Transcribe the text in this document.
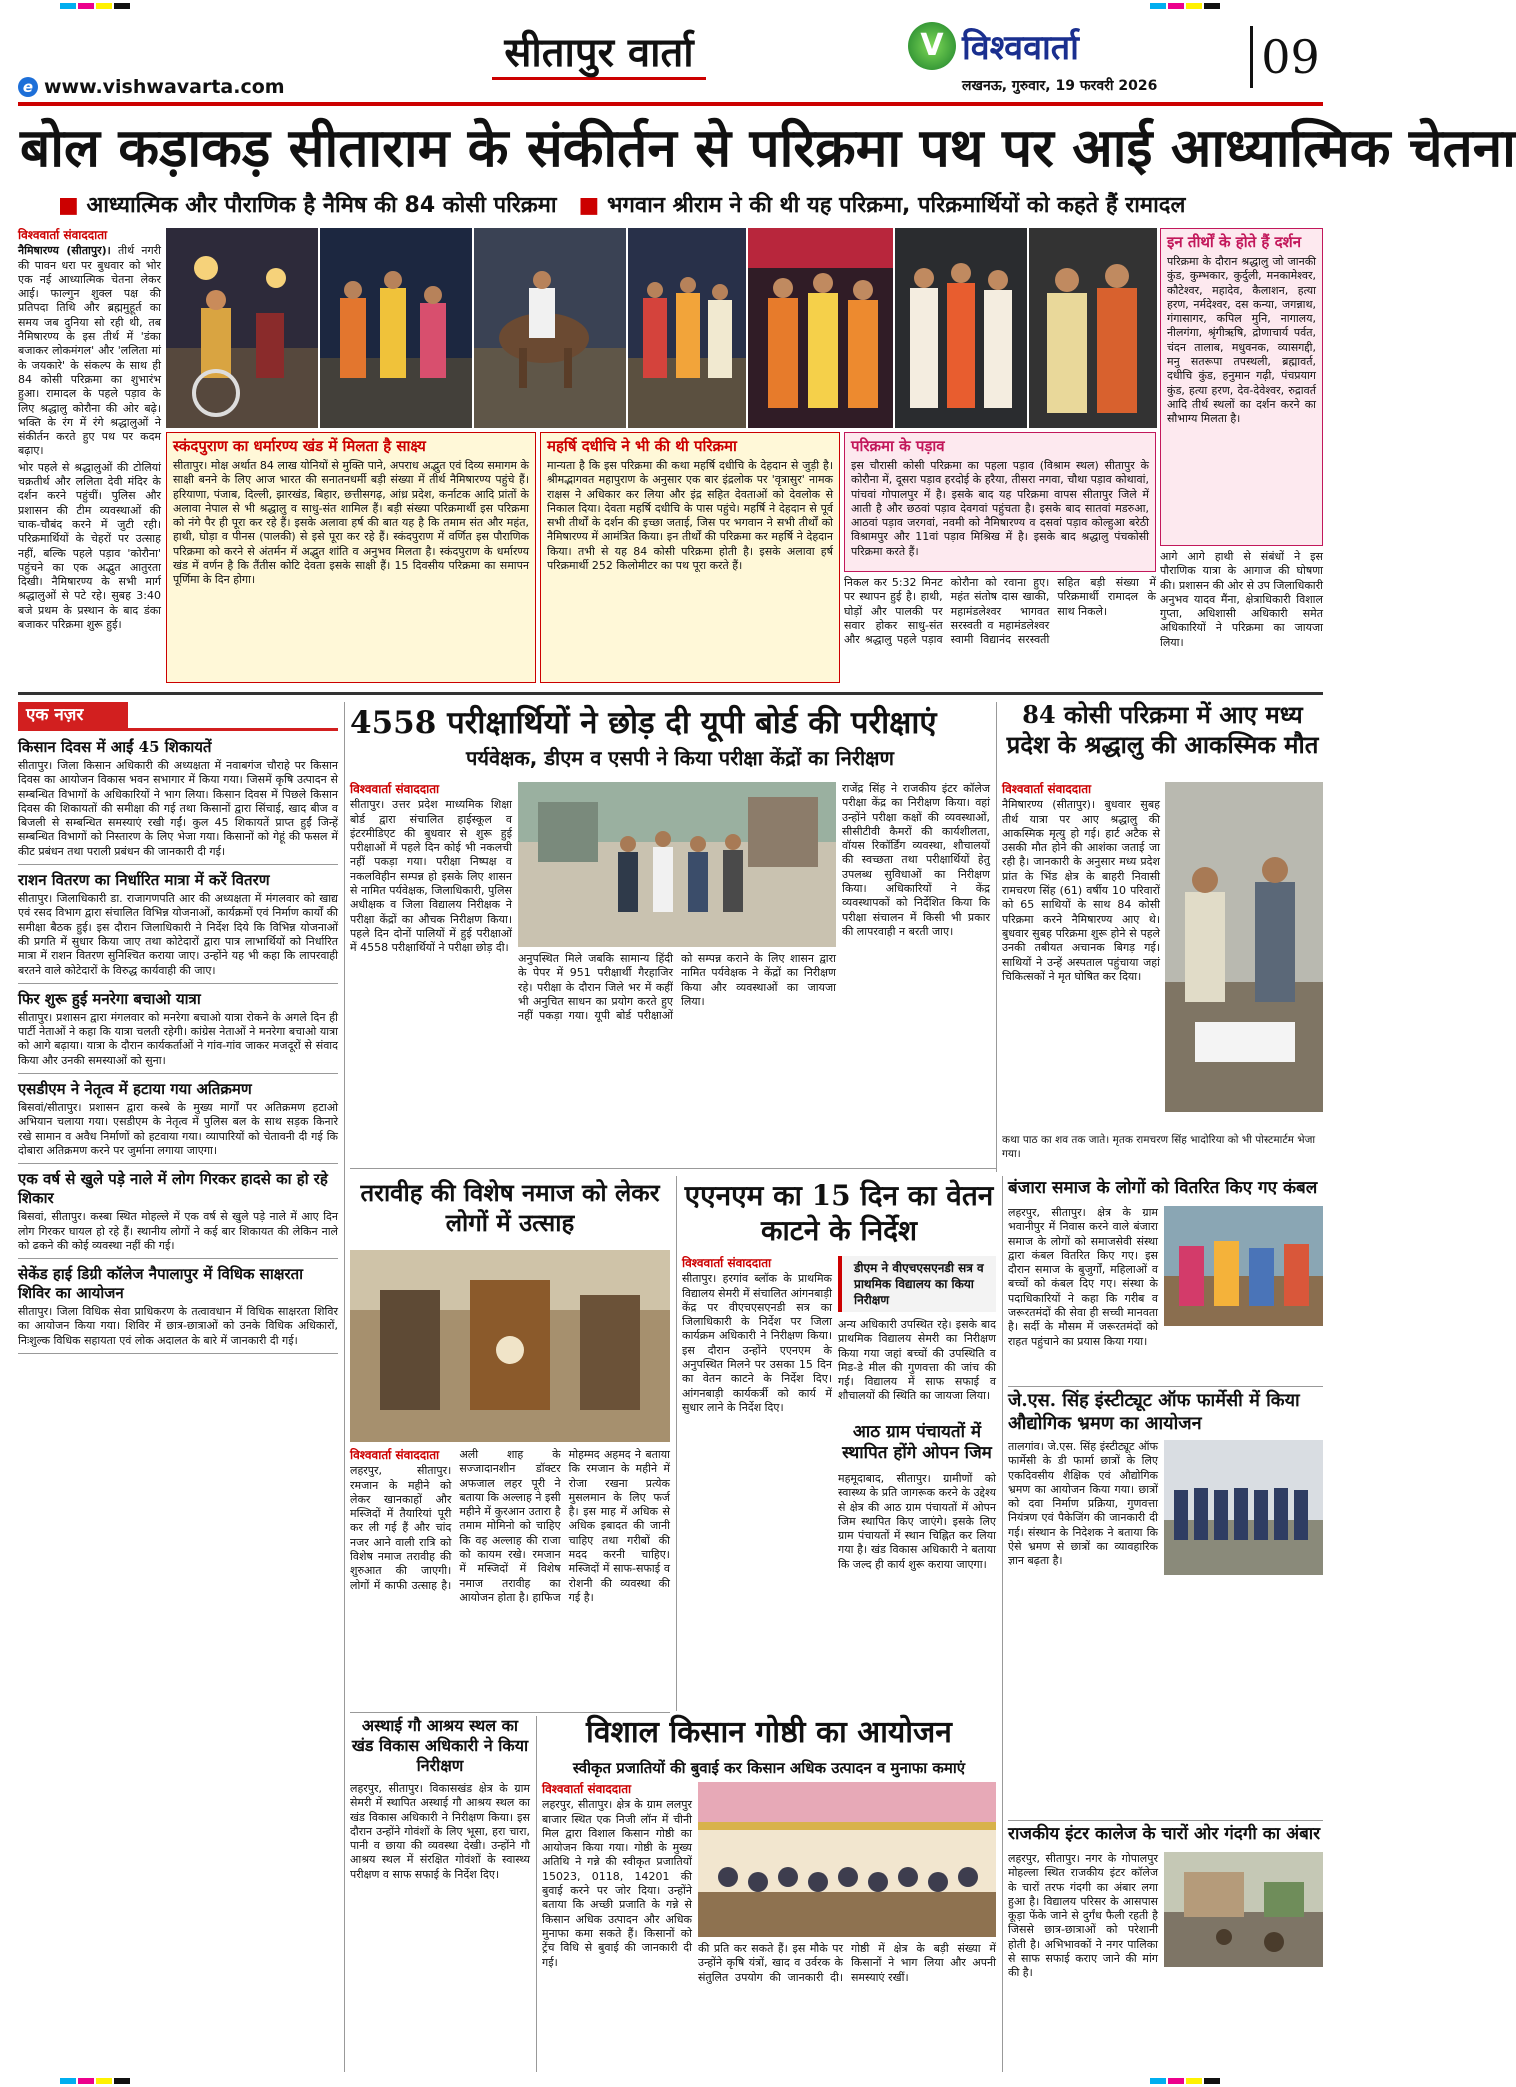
सीतापुर वार्ता
e www.vishwavarta.com
V विश्ववार्ता
लखनऊ, गुरुवार, 19 फरवरी 2026
09
बोल कड़ाकड़ सीताराम के संकीर्तन से परिक्रमा पथ पर आई आध्यात्मिक चेतना
■ आध्यात्मिक और पौराणिक है नैमिष की 84 कोसी परिक्रमा	■ भगवान श्रीराम ने की थी यह परिक्रमा, परिक्रमार्थियों को कहते हैं रामादल
विश्ववार्ता संवाददाता

नैमिषारण्य (सीतापुर)। तीर्थ नगरी की पावन धरा पर बुधवार को भोर एक नई आध्यात्मिक चेतना लेकर आई। फाल्गुन शुक्ल पक्ष की प्रतिपदा तिथि और ब्रह्ममुहूर्त का समय जब दुनिया सो रही थी, तब नैमिषारण्य के इस तीर्थ में 'डंका बजाकर लोकमंगल' और 'ललिता मां के जयकारे' के संकल्प के साथ ही 84 कोसी परिक्रमा का शुभारंभ हुआ। रामादल के पहले पड़ाव के लिए श्रद्धालु कोरौना की ओर बढ़े। भक्ति के रंग में रंगे श्रद्धालुओं ने संकीर्तन करते हुए पथ पर कदम बढ़ाए।

भोर पहले से श्रद्धालुओं की टोलियां चक्रतीर्थ और ललिता देवी मंदिर के दर्शन करने पहुंचीं। पुलिस और प्रशासन की टीम व्यवस्थाओं की चाक-चौबंद करने में जुटी रही। परिक्रमार्थियों के चेहरों पर उत्साह नहीं, बल्कि पहले पड़ाव 'कोरौना' पहुंचने का एक अद्भुत आतुरता दिखी। नैमिषारण्य के सभी मार्ग श्रद्धालुओं से पटे रहे। सुबह 3:40 बजे प्रथम के प्रस्थान के बाद डंका बजाकर परिक्रमा शुरू हुई।

इन तीर्थों के होते हैं दर्शन
परिक्रमा के दौरान श्रद्धालु जो जानकी कुंड, कुम्भकार, कुर्दुली, मनकामेश्वर, कौटेश्वर, महादेव, कैलाशन, हत्या हरण, नर्मदेश्वर, दस कन्या, जगन्नाथ, गंगासागर, कपिल मुनि, नागालय, नीलगंगा, श्रृंगीऋषि, द्रोणाचार्य पर्वत, चंदन तालाब, मधुवनक, व्यासगद्दी, मनु सतरूपा तपस्थली, ब्रह्मावर्त, दधीचि कुंड, हनुमान गढ़ी, पंचप्रयाग कुंड, हत्या हरण, देव-देवेश्वर, रुद्रावर्त आदि तीर्थ स्थलों का दर्शन करने का सौभाग्य मिलता है।
आगे आगे हाथी से संबंधों ने इस पौराणिक यात्रा के आगाज की घोषणा की। प्रशासन की ओर से उप जिलाधिकारी अनुभव यादव मैंना, क्षेत्राधिकारी विशाल गुप्ता, अधिशासी अधिकारी समेत अधिकारियों ने परिक्रमा का जायजा लिया।
स्कंदपुराण का धर्मारण्य खंड में मिलता है साक्ष्य
सीतापुर। मोक्ष अर्थात 84 लाख योनियों से मुक्ति पाने, अपराध अद्भुत एवं दिव्य समागम के साक्षी बनने के लिए आज भारत की सनातनधर्मी बड़ी संख्या में तीर्थ नैमिषारण्य पहुंचे हैं। हरियाणा, पंजाब, दिल्ली, झारखंड, बिहार, छत्तीसगढ़, आंध्र प्रदेश, कर्नाटक आदि प्रांतों के अलावा नेपाल से भी श्रद्धालु व साधु-संत शामिल हैं। बड़ी संख्या परिक्रमार्थी इस परिक्रमा को नंगे पैर ही पूरा कर रहे हैं। इसके अलावा हर्ष की बात यह है कि तमाम संत और महंत, हाथी, घोड़ा व पीनस (पालकी) से इसे पूरा कर रहे हैं। स्कंदपुराण में वर्णित इस पौराणिक परिक्रमा को करने से अंतर्मन में अद्भुत शांति व अनुभव मिलता है। स्कंदपुराण के धर्मारण्य खंड में वर्णन है कि तैंतीस कोटि देवता इसके साक्षी हैं। 15 दिवसीय परिक्रमा का समापन पूर्णिमा के दिन होगा।
महर्षि दधीचि ने भी की थी परिक्रमा
मान्यता है कि इस परिक्रमा की कथा महर्षि दधीचि के देहदान से जुड़ी है। श्रीमद्भागवत महापुराण के अनुसार एक बार इंद्रलोक पर 'वृत्रासुर' नामक राक्षस ने अधिकार कर लिया और इंद्र सहित देवताओं को देवलोक से निकाल दिया। देवता महर्षि दधीचि के पास पहुंचे। महर्षि ने देहदान से पूर्व सभी तीर्थों के दर्शन की इच्छा जताई, जिस पर भगवान ने सभी तीर्थों को नैमिषारण्य में आमंत्रित किया। इन तीर्थों की परिक्रमा कर महर्षि ने देहदान किया। तभी से यह 84 कोसी परिक्रमा होती है। इसके अलावा हर्ष परिक्रमार्थी 252 किलोमीटर का पथ पूरा करते हैं।
परिक्रमा के पड़ाव
इस चौरासी कोसी परिक्रमा का पहला पड़ाव (विश्राम स्थल) सीतापुर के कोरौना में, दूसरा पड़ाव हरदोई के हरैया, तीसरा नगवा, चौथा पड़ाव कोथावां, पांचवां गोपालपुर में है। इसके बाद यह परिक्रमा वापस सीतापुर जिले में आती है और छठवां पड़ाव देवगवां पहुंचता है। इसके बाद सातवां मडरुआ, आठवां पड़ाव जरगवां, नवमी को नैमिषारण्य व दसवां पड़ाव कोल्हुआ बरेठी विश्रामपुर और 11वां पड़ाव मिश्रिख में है। इसके बाद श्रद्धालु पंचकोसी परिक्रमा करते हैं।
निकल कर 5:32 मिनट पर स्थापन हुई है। हाथी, घोड़ों और पालकी पर सवार होकर साधु-संत और श्रद्धालु पहले पड़ाव कोरौना को रवाना हुए। महंत संतोष दास खाकी, महामंडलेश्वर भागवत सरस्वती व महामंडलेश्वर स्वामी विद्यानंद सरस्वती सहित बड़ी संख्या में परिक्रमार्थी रामादल के साथ निकले।
एक नज़र
किसान दिवस में आईं 45 शिकायतें
सीतापुर। जिला किसान अधिकारी की अध्यक्षता में नवाबगंज चौराहे पर किसान दिवस का आयोजन विकास भवन सभागार में किया गया। जिसमें कृषि उत्पादन से सम्बन्धित विभागों के अधिकारियों ने भाग लिया। किसान दिवस में पिछले किसान दिवस की शिकायतों की समीक्षा की गई तथा किसानों द्वारा सिंचाई, खाद बीज व बिजली से सम्बन्धित समस्याएं रखी गईं। कुल 45 शिकायतें प्राप्त हुईं जिन्हें सम्बन्धित विभागों को निस्तारण के लिए भेजा गया। किसानों को गेहूं की फसल में कीट प्रबंधन तथा पराली प्रबंधन की जानकारी दी गई।
राशन वितरण का निर्धारित मात्रा में करें वितरण
सीतापुर। जिलाधिकारी डा. राजागणपति आर की अध्यक्षता में मंगलवार को खाद्य एवं रसद विभाग द्वारा संचालित विभिन्न योजनाओं, कार्यक्रमों एवं निर्माण कार्यों की समीक्षा बैठक हुई। इस दौरान जिलाधिकारी ने निर्देश दिये कि विभिन्न योजनाओं की प्रगति में सुधार किया जाए तथा कोटेदारों द्वारा पात्र लाभार्थियों को निर्धारित मात्रा में राशन वितरण सुनिश्चित कराया जाए। उन्होंने यह भी कहा कि लापरवाही बरतने वाले कोटेदारों के विरुद्ध कार्यवाही की जाए।
फिर शुरू हुई मनरेगा बचाओ यात्रा
सीतापुर। प्रशासन द्वारा मंगलवार को मनरेगा बचाओ यात्रा रोकने के अगले दिन ही पार्टी नेताओं ने कहा कि यात्रा चलती रहेगी। कांग्रेस नेताओं ने मनरेगा बचाओ यात्रा को आगे बढ़ाया। यात्रा के दौरान कार्यकर्ताओं ने गांव-गांव जाकर मजदूरों से संवाद किया और उनकी समस्याओं को सुना।
एसडीएम ने नेतृत्व में हटाया गया अतिक्रमण
बिसवां/सीतापुर। प्रशासन द्वारा कस्बे के मुख्य मार्गों पर अतिक्रमण हटाओ अभियान चलाया गया। एसडीएम के नेतृत्व में पुलिस बल के साथ सड़क किनारे रखे सामान व अवैध निर्माणों को हटवाया गया। व्यापारियों को चेतावनी दी गई कि दोबारा अतिक्रमण करने पर जुर्माना लगाया जाएगा।
एक वर्ष से खुले पड़े नाले में लोग गिरकर हादसे का हो रहे शिकार
बिसवां, सीतापुर। कस्बा स्थित मोहल्ले में एक वर्ष से खुले पड़े नाले में आए दिन लोग गिरकर घायल हो रहे हैं। स्थानीय लोगों ने कई बार शिकायत की लेकिन नाले को ढकने की कोई व्यवस्था नहीं की गई।
सेकेंड हाई डिग्री कॉलेज नैपालापुर में विधिक साक्षरता शिविर का आयोजन
सीतापुर। जिला विधिक सेवा प्राधिकरण के तत्वावधान में विधिक साक्षरता शिविर का आयोजन किया गया। शिविर में छात्र-छात्राओं को उनके विधिक अधिकारों, निःशुल्क विधिक सहायता एवं लोक अदालत के बारे में जानकारी दी गई।
4558 परीक्षार्थियों ने छोड़ दी यूपी बोर्ड की परीक्षाएं
पर्यवेक्षक, डीएम व एसपी ने किया परीक्षा केंद्रों का निरीक्षण
विश्ववार्ता संवाददाता
सीतापुर। उत्तर प्रदेश माध्यमिक शिक्षा बोर्ड द्वारा संचालित हाईस्कूल व इंटरमीडिएट की बुधवार से शुरू हुई परीक्षाओं में पहले दिन कोई भी नकलची नहीं पकड़ा गया। परीक्षा निष्पक्ष व नकलविहीन सम्पन्न हो इसके लिए शासन से नामित पर्यवेक्षक, जिलाधिकारी, पुलिस अधीक्षक व जिला विद्यालय निरीक्षक ने परीक्षा केंद्रों का औचक निरीक्षण किया। पहले दिन दोनों पालियों में हुई परीक्षाओं में 4558 परीक्षार्थियों ने परीक्षा छोड़ दी।
अनुपस्थित मिले जबकि सामान्य हिंदी के पेपर में 951 परीक्षार्थी गैरहाजिर रहे। परीक्षा के दौरान जिले भर में कहीं भी अनुचित साधन का प्रयोग करते हुए नहीं पकड़ा गया। यूपी बोर्ड परीक्षाओं को सम्पन्न कराने के लिए शासन द्वारा नामित पर्यवेक्षक ने केंद्रों का निरीक्षण किया और व्यवस्थाओं का जायजा लिया।
राजेंद्र सिंह ने राजकीय इंटर कॉलेज परीक्षा केंद्र का निरीक्षण किया। वहां उन्होंने परीक्षा कक्षों की व्यवस्थाओं, सीसीटीवी कैमरों की कार्यशीलता, वॉयस रिकॉर्डिंग व्यवस्था, शौचालयों की स्वच्छता तथा परीक्षार्थियों हेतु उपलब्ध सुविधाओं का निरीक्षण किया। अधिकारियों ने केंद्र व्यवस्थापकों को निर्देशित किया कि परीक्षा संचालन में किसी भी प्रकार की लापरवाही न बरती जाए।
84 कोसी परिक्रमा में आए मध्य प्रदेश के श्रद्धालु की आकस्मिक मौत
विश्ववार्ता संवाददाता
नैमिषारण्य (सीतापुर)। बुधवार सुबह तीर्थ यात्रा पर आए श्रद्धालु की आकस्मिक मृत्यु हो गई। हार्ट अटैक से उसकी मौत होने की आशंका जताई जा रही है। जानकारी के अनुसार मध्य प्रदेश प्रांत के भिंड क्षेत्र के बाहरी निवासी रामचरण सिंह (61) वर्षीय 10 परिवारों को 65 साथियों के साथ 84 कोसी परिक्रमा करने नैमिषारण्य आए थे। बुधवार सुबह परिक्रमा शुरू होने से पहले उनकी तबीयत अचानक बिगड़ गई। साथियों ने उन्हें अस्पताल पहुंचाया जहां चिकित्सकों ने मृत घोषित कर दिया।
कथा पाठ का शव तक जाते। मृतक रामचरण सिंह भादोरिया को भी पोस्टमार्टम भेजा गया।
तरावीह की विशेष नमाज को लेकर लोगों में उत्साह
विश्ववार्ता संवाददाता
लहरपुर, सीतापुर। रमजान के महीने को लेकर खानकाहों और मस्जिदों में तैयारियां पूरी कर ली गई हैं और चांद नजर आने वाली रात्रि को विशेष नमाज तरावीह की शुरुआत की जाएगी। लोगों में काफी उत्साह है। अली शाह के सज्जादानशीन डॉक्टर अफजाल लहर पूरी ने बताया कि अल्लाह ने इसी महीने में कुरआन उतारा है तमाम मोमिनो को चाहिए कि वह अल्लाह की राजा को कायम रखे। रमजान में मस्जिदों में विशेष नमाज तरावीह का आयोजन होता है। हाफिज मोहम्मद अहमद ने बताया कि रमजान के महीने में रोजा रखना प्रत्येक मुसलमान के लिए फर्ज है। इस माह में अधिक से अधिक इबादत की जानी चाहिए तथा गरीबों की मदद करनी चाहिए। मस्जिदों में साफ-सफाई व रोशनी की व्यवस्था की गई है।
एएनएम का 15 दिन का वेतन काटने के निर्देश
विश्ववार्ता संवाददाता
सीतापुर। हरगांव ब्लॉक के प्राथमिक विद्यालय सेमरी में संचालित आंगनबाड़ी केंद्र पर वीएचएसएनडी सत्र का जिलाधिकारी के निर्देश पर जिला कार्यक्रम अधिकारी ने निरीक्षण किया। इस दौरान उन्होंने एएनएम के अनुपस्थित मिलने पर उसका 15 दिन का वेतन काटने के निर्देश दिए। आंगनबाड़ी कार्यकर्त्री को कार्य में सुधार लाने के निर्देश दिए।
डीएम ने वीएचएसएनडी सत्र व प्राथमिक विद्यालय का किया निरीक्षण
अन्य अधिकारी उपस्थित रहे। इसके बाद प्राथमिक विद्यालय सेमरी का निरीक्षण किया गया जहां बच्चों की उपस्थिति व मिड-डे मील की गुणवत्ता की जांच की गई। विद्यालय में साफ सफाई व शौचालयों की स्थिति का जायजा लिया।
आठ ग्राम पंचायतों में स्थापित होंगे ओपन जिम
महमूदाबाद, सीतापुर। ग्रामीणों को स्वास्थ्य के प्रति जागरूक करने के उद्देश्य से क्षेत्र की आठ ग्राम पंचायतों में ओपन जिम स्थापित किए जाएंगे। इसके लिए ग्राम पंचायतों में स्थान चिह्नित कर लिया गया है। खंड विकास अधिकारी ने बताया कि जल्द ही कार्य शुरू कराया जाएगा।
अस्थाई गौ आश्रय स्थल का खंड विकास अधिकारी ने किया निरीक्षण
लहरपुर, सीतापुर। विकासखंड क्षेत्र के ग्राम सेमरी में स्थापित अस्थाई गौ आश्रय स्थल का खंड विकास अधिकारी ने निरीक्षण किया। इस दौरान उन्होंने गोवंशों के लिए भूसा, हरा चारा, पानी व छाया की व्यवस्था देखी। उन्होंने गौ आश्रय स्थल में संरक्षित गोवंशों के स्वास्थ्य परीक्षण व साफ सफाई के निर्देश दिए।
विशाल किसान गोष्ठी का आयोजन
स्वीकृत प्रजातियों की बुवाई कर किसान अधिक उत्पादन व मुनाफा कमाएं
विश्ववार्ता संवाददाता
लहरपुर, सीतापुर। क्षेत्र के ग्राम ललपुर बाजार स्थित एक निजी लॉन में चीनी मिल द्वारा विशाल किसान गोष्ठी का आयोजन किया गया। गोष्ठी के मुख्य अतिथि ने गन्ने की स्वीकृत प्रजातियों 15023, 0118, 14201 की बुवाई करने पर जोर दिया। उन्होंने बताया कि अच्छी प्रजाति के गन्ने से किसान अधिक उत्पादन और अधिक मुनाफा कमा सकते हैं। किसानों को ट्रेंच विधि से बुवाई की जानकारी दी गई।
की प्रति कर सकते हैं। इस मौके पर उन्होंने कृषि यंत्रों, खाद व उर्वरक के संतुलित उपयोग की जानकारी दी। गोष्ठी में क्षेत्र के बड़ी संख्या में किसानों ने भाग लिया और अपनी समस्याएं रखीं।
बंजारा समाज के लोगों को वितरित किए गए कंबल
लहरपुर, सीतापुर। क्षेत्र के ग्राम भवानीपुर में निवास करने वाले बंजारा समाज के लोगों को समाजसेवी संस्था द्वारा कंबल वितरित किए गए। इस दौरान समाज के बुजुर्गों, महिलाओं व बच्चों को कंबल दिए गए। संस्था के पदाधिकारियों ने कहा कि गरीब व जरूरतमंदों की सेवा ही सच्ची मानवता है। सर्दी के मौसम में जरूरतमंदों को राहत पहुंचाने का प्रयास किया गया।
जे.एस. सिंह इंस्टीट्यूट ऑफ फार्मेसी में किया औद्योगिक भ्रमण का आयोजन
तालगांव। जे.एस. सिंह इंस्टीट्यूट ऑफ फार्मेसी के डी फार्मा छात्रों के लिए एकदिवसीय शैक्षिक एवं औद्योगिक भ्रमण का आयोजन किया गया। छात्रों को दवा निर्माण प्रक्रिया, गुणवत्ता नियंत्रण एवं पैकेजिंग की जानकारी दी गई। संस्थान के निदेशक ने बताया कि ऐसे भ्रमण से छात्रों का व्यावहारिक ज्ञान बढ़ता है।
राजकीय इंटर कालेज के चारों ओर गंदगी का अंबार
लहरपुर, सीतापुर। नगर के गोपालपुर मोहल्ला स्थित राजकीय इंटर कॉलेज के चारों तरफ गंदगी का अंबार लगा हुआ है। विद्यालय परिसर के आसपास कूड़ा फेंके जाने से दुर्गंध फैली रहती है जिससे छात्र-छात्राओं को परेशानी होती है। अभिभावकों ने नगर पालिका से साफ सफाई कराए जाने की मांग की है।
